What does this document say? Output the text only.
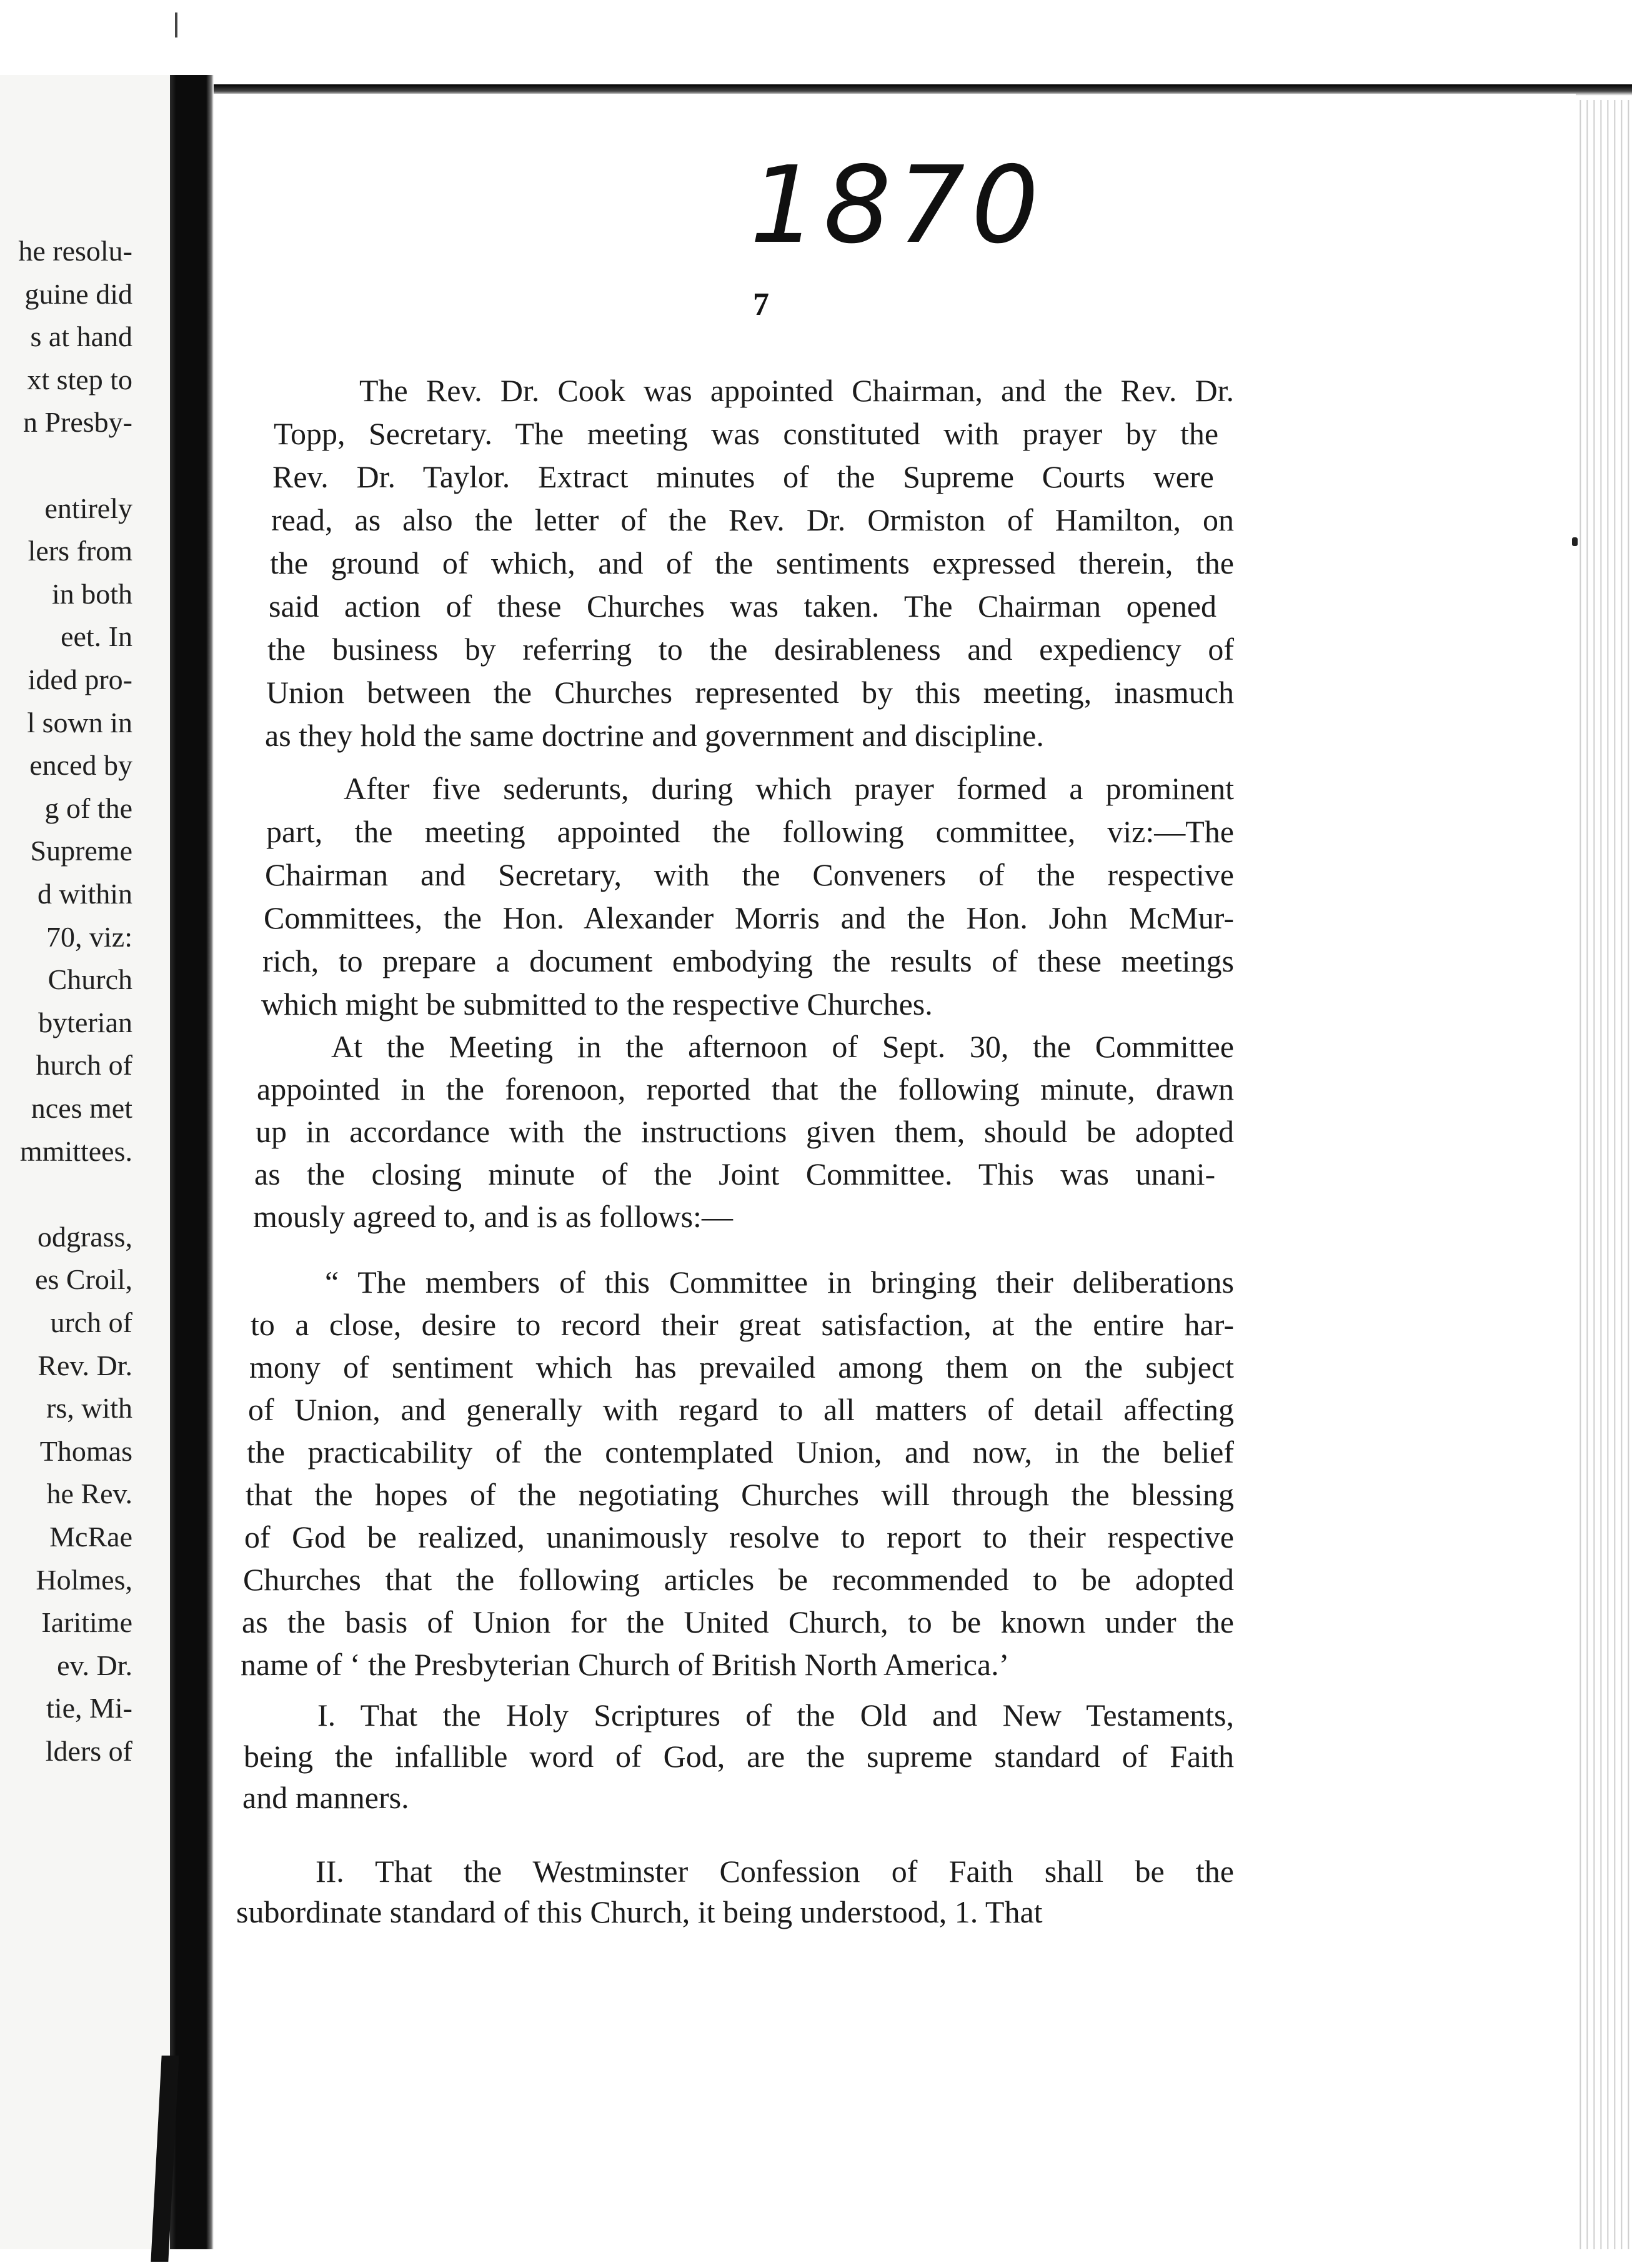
he resolu-
guine did
s at hand
xt step to
n Presby-
entirely
lers from
in both
eet. In
ided pro-
l sown in
enced by
g of the
Supreme
d within
70, viz:
Church
byterian
hurch of
nces met
mmittees.
odgrass,
es Croil,
urch of
Rev. Dr.
rs, with
Thomas
he Rev.
McRae
Holmes,
Iaritime
ev. Dr.
tie, Mi-
lders of
1870
7
The Rev. Dr. Cook was appointed Chairman, and the Rev. Dr.
Topp, Secretary. The meeting was constituted with prayer by the
Rev. Dr. Taylor. Extract minutes of the Supreme Courts were
read, as also the letter of the Rev. Dr. Ormiston of Hamilton, on
the ground of which, and of the sentiments expressed therein, the
said action of these Churches was taken. The Chairman opened
the business by referring to the desirableness and expediency of
Union between the Churches represented by this meeting, inasmuch
as they hold the same doctrine and government and discipline.
After five sederunts, during which prayer formed a prominent
part, the meeting appointed the following committee, viz:—The
Chairman and Secretary, with the Conveners of the respective
Committees, the Hon. Alexander Morris and the Hon. John McMur-
rich, to prepare a document embodying the results of these meetings
which might be submitted to the respective Churches.
At the Meeting in the afternoon of Sept. 30, the Committee
appointed in the forenoon, reported that the following minute, drawn
up in accordance with the instructions given them, should be adopted
as the closing minute of the Joint Committee. This was unani-
mously agreed to, and is as follows:—
“ The members of this Committee in bringing their deliberations
to a close, desire to record their great satisfaction, at the entire har-
mony of sentiment which has prevailed among them on the subject
of Union, and generally with regard to all matters of detail affecting
the practicability of the contemplated Union, and now, in the belief
that the hopes of the negotiating Churches will through the blessing
of God be realized, unanimously resolve to report to their respective
Churches that the following articles be recommended to be adopted
as the basis of Union for the United Church, to be known under the
name of ‘ the Presbyterian Church of British North America.’
I. That the Holy Scriptures of the Old and New Testaments,
being the infallible word of God, are the supreme standard of Faith
and manners.
II. That the Westminster Confession of Faith shall be the
subordinate standard of this Church, it being understood, 1. That
